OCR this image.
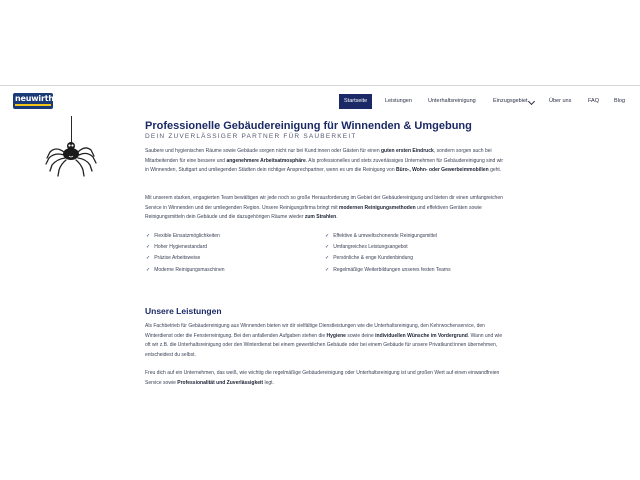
neuwirth	Startseite	Leistungen	Unterhaltsreinigung	Einzugsgebiet	Über uns	FAQ	Blog
Professionelle Gebäudereinigung für Winnenden & Umgebung
DEIN ZUVERLÄSSIGER PARTNER FÜR SAUBERKEIT

Saubere und hygienischen Räume sowie Gebäude sorgen nicht nur bei Kund:innen oder Gästen für einen guten ersten Eindruck, sondern sorgen auch bei Mitarbeitenden für eine bessere und angenehmere Arbeitsatmosphäre. Als professionelles und stets zuverlässiges Unternehmen für Gebäudereinigung sind wir in Winnenden, Stuttgart und umliegenden Städten dein richtiger Ansprechpartner, wenn es um die Reinigung von Büro-, Wohn- oder Gewerbeimmobilien geht.

Mit unserem starken, engagierten Team bewältigen wir jede noch so große Herausforderung im Gebiet der Gebäudereinigung und bieten dir einen umfangreichen Service in Winnenden und der umliegenden Region. Unsere Reinigungsfirma bringt mit modernen Reinigungsmethoden und effektiven Geräten sowie Reinigungsmitteln dein Gebäude und die dazugehörigen Räume wieder zum Strahlen.

✓ Flexible Einsatzmöglichkeiten
✓ Hoher Hygienestandard
✓ Präzise Arbeitsweise
✓ Moderne Reinigungsmaschinen
✓ Effektive & umweltschonende Reinigungsmittel
✓ Umfangreiches Leistungsangebot
✓ Persönliche & enge Kundenbindung
✓ Regelmäßige Weiterbildungen unseres festen Teams
Unsere Leistungen

Als Fachbetrieb für Gebäudereinigung aus Winnenden bieten wir dir vielfältige Dienstleistungen wie die Unterhaltsreinigung, den Kehrwochenservice, den Winterdienst oder die Fensterreinigung. Bei den anfallenden Aufgaben stehen die Hygiene sowie deine individuellen Wünsche im Vordergrund. Wann und wie oft wir z.B. die Unterhaltsreinigung oder den Winterdienst bei einem gewerblichen Gebäude oder bei einem Gebäude für unsere Privatkund:innen übernehmen, entscheidest du selbst.

Freu dich auf ein Unternehmen, das weiß, wie wichtig die regelmäßige Gebäudereinigung oder Unterhaltsreinigung ist und großen Wert auf einen einwandfreien Service sowie Professionalität und Zuverlässigkeit legt.
